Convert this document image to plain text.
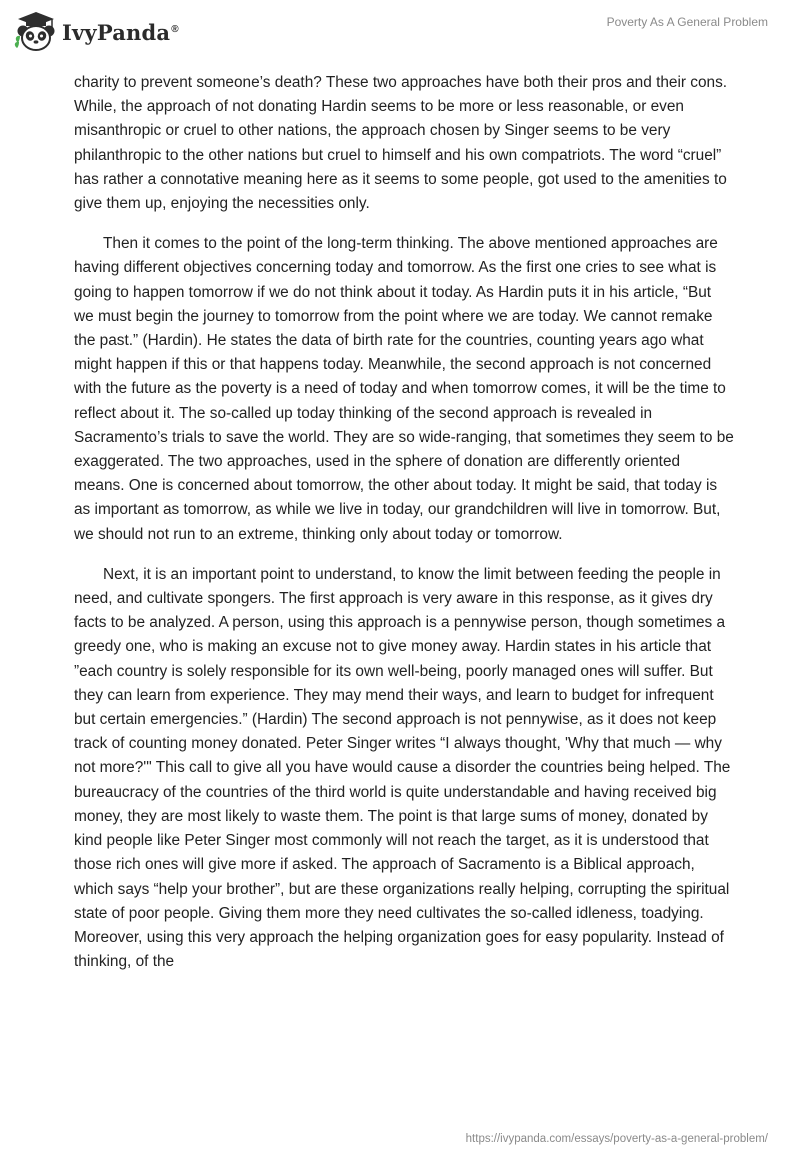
IvyPanda®	Poverty As A General Problem

charity to prevent someone’s death? These two approaches have both their pros and their cons. While, the approach of not donating Hardin seems to be more or less reasonable, or even misanthropic or cruel to other nations, the approach chosen by Singer seems to be very philanthropic to the other nations but cruel to himself and his own compatriots. The word “cruel” has rather a connotative meaning here as it seems to some people, got used to the amenities to give them up, enjoying the necessities only.

Then it comes to the point of the long-term thinking. The above mentioned approaches are having different objectives concerning today and tomorrow. As the first one cries to see what is going to happen tomorrow if we do not think about it today. As Hardin puts it in his article, “But we must begin the journey to tomorrow from the point where we are today. We cannot remake the past.” (Hardin). He states the data of birth rate for the countries, counting years ago what might happen if this or that happens today. Meanwhile, the second approach is not concerned with the future as the poverty is a need of today and when tomorrow comes, it will be the time to reflect about it. The so-called up today thinking of the second approach is revealed in Sacramento’s trials to save the world. They are so wide-ranging, that sometimes they seem to be exaggerated. The two approaches, used in the sphere of donation are differently oriented means. One is concerned about tomorrow, the other about today. It might be said, that today is as important as tomorrow, as while we live in today, our grandchildren will live in tomorrow. But, we should not run to an extreme, thinking only about today or tomorrow.

Next, it is an important point to understand, to know the limit between feeding the people in need, and cultivate spongers. The first approach is very aware in this response, as it gives dry facts to be analyzed. A person, using this approach is a pennywise person, though sometimes a greedy one, who is making an excuse not to give money away. Hardin states in his article that ”each country is solely responsible for its own well-being, poorly managed ones will suffer. But they can learn from experience. They may mend their ways, and learn to budget for infrequent but certain emergencies.” (Hardin) The second approach is not pennywise, as it does not keep track of counting money donated. Peter Singer writes “I always thought, 'Why that much — why not more?'" This call to give all you have would cause a disorder the countries being helped. The bureaucracy of the countries of the third world is quite understandable and having received big money, they are most likely to waste them. The point is that large sums of money, donated by kind people like Peter Singer most commonly will not reach the target, as it is understood that those rich ones will give more if asked. The approach of Sacramento is a Biblical approach, which says “help your brother”, but are these organizations really helping, corrupting the spiritual state of poor people. Giving them more they need cultivates the so-called idleness, toadying. Moreover, using this very approach the helping organization goes for easy popularity. Instead of thinking, of the

https://ivypanda.com/essays/poverty-as-a-general-problem/
